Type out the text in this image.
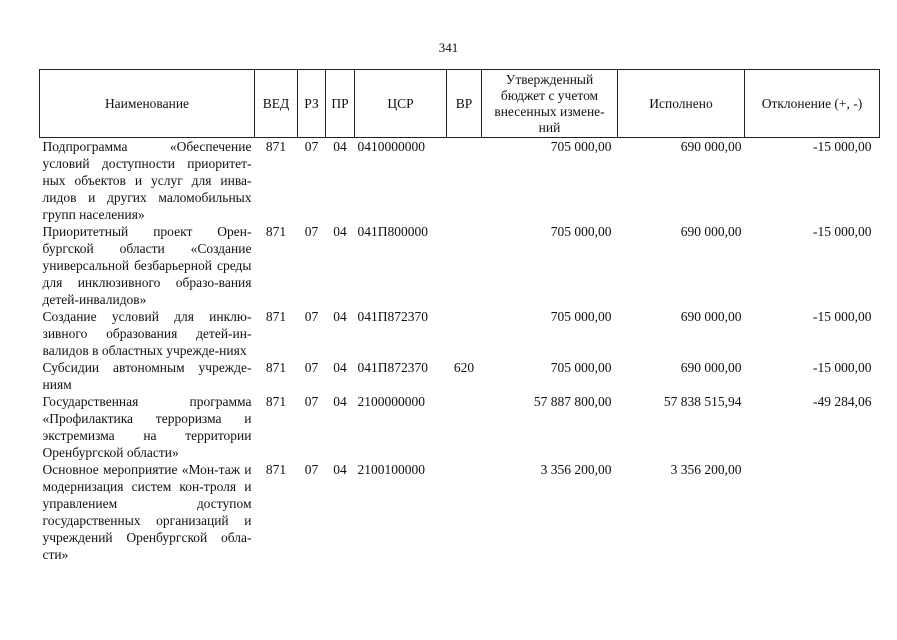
341
Наименование	ВЕД	РЗ	ПР	ЦСР	ВР	Утвержденный бюджет с учетом внесенных измене-ний	Исполнено	Отклонение (+, -)
Подпрограмма «Обеспечение условий доступности приоритет-ных объектов и услуг для инва-лидов и других маломобильных групп населения»	871	07	04	0410000000		705 000,00	690 000,00	-15 000,00
Приоритетный проект Орен-бургской области «Создание универсальной безбарьерной среды для инклюзивного образо-вания детей-инвалидов»	871	07	04	041П800000		705 000,00	690 000,00	-15 000,00
Создание условий для инклю-зивного образования детей-ин-валидов в областных учрежде-ниях	871	07	04	041П872370		705 000,00	690 000,00	-15 000,00
Субсидии автономным учрежде-ниям	871	07	04	041П872370	620	705 000,00	690 000,00	-15 000,00
Государственная программа «Профилактика терроризма и экстремизма на территории Оренбургской области»	871	07	04	2100000000		57 887 800,00	57 838 515,94	-49 284,06
Основное мероприятие «Мон-таж и модернизация систем кон-троля и управлением доступом государственных организаций и учреждений Оренбургской обла-сти»	871	07	04	2100100000		3 356 200,00	3 356 200,00	
